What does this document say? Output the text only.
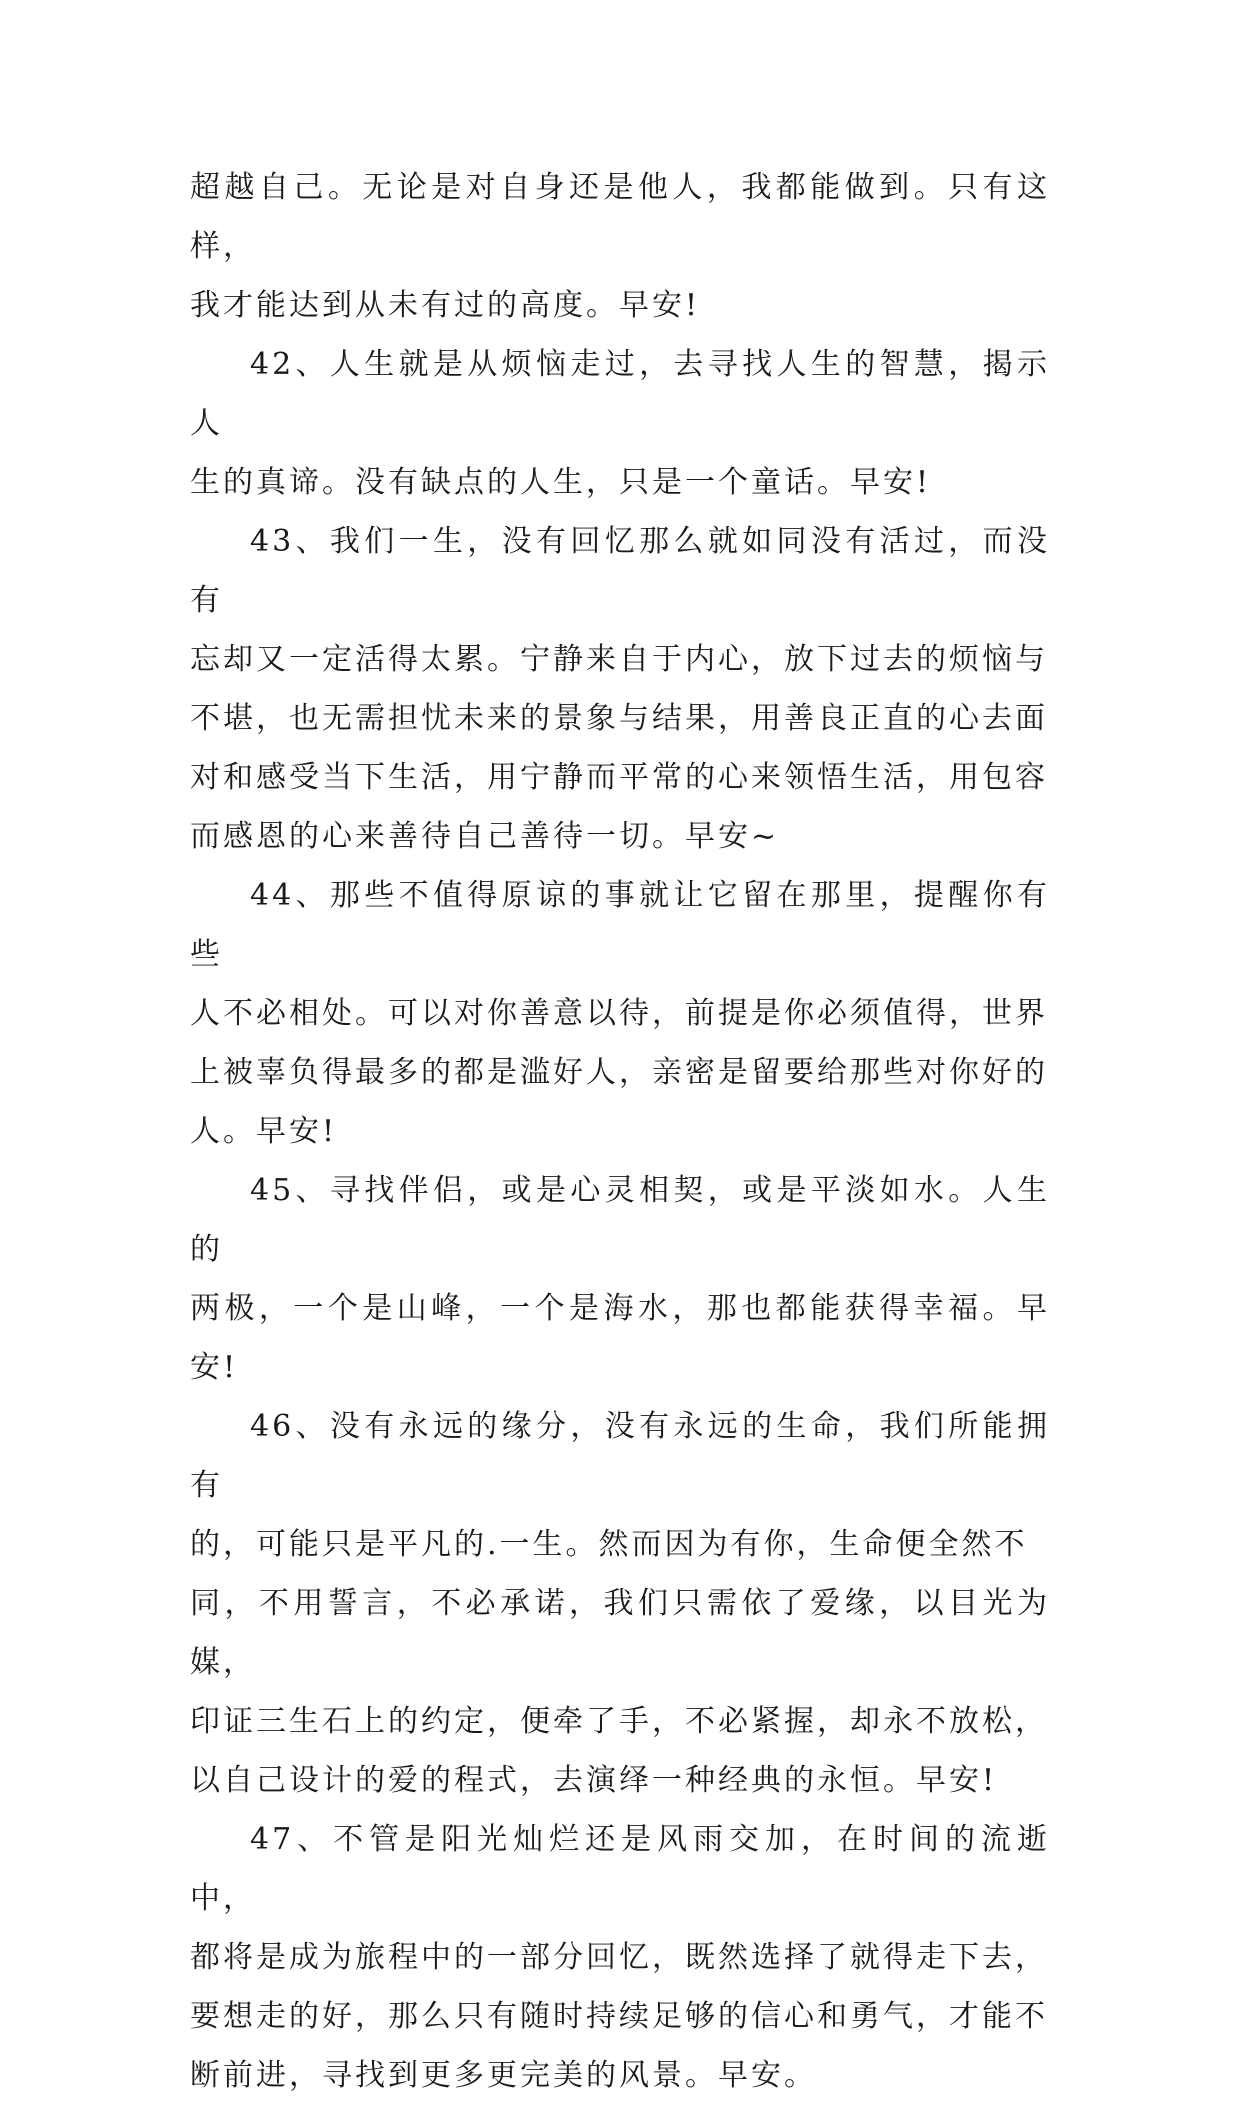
超越自己。无论是对自身还是他人，我都能做到。只有这样，
我才能达到从未有过的高度。早安!

42、人生就是从烦恼走过，去寻找人生的智慧，揭示人
生的真谛。没有缺点的人生，只是一个童话。早安!

43、我们一生，没有回忆那么就如同没有活过，而没有
忘却又一定活得太累。宁静来自于内心，放下过去的烦恼与
不堪，也无需担忧未来的景象与结果，用善良正直的心去面
对和感受当下生活，用宁静而平常的心来领悟生活，用包容
而感恩的心来善待自己善待一切。早安~

44、那些不值得原谅的事就让它留在那里，提醒你有些
人不必相处。可以对你善意以待，前提是你必须值得，世界
上被辜负得最多的都是滥好人，亲密是留要给那些对你好的
人。早安!

45、寻找伴侣，或是心灵相契，或是平淡如水。人生的
两极，一个是山峰，一个是海水，那也都能获得幸福。早安!

46、没有永远的缘分，没有永远的生命，我们所能拥有
的，可能只是平凡的.一生。然而因为有你，生命便全然不
同，不用誓言，不必承诺，我们只需依了爱缘，以目光为媒，
印证三生石上的约定，便牵了手，不必紧握，却永不放松，
以自己设计的爱的程式，去演绎一种经典的永恒。早安!

47、不管是阳光灿烂还是风雨交加，在时间的流逝中，
都将是成为旅程中的一部分回忆，既然选择了就得走下去，
要想走的好，那么只有随时持续足够的信心和勇气，才能不
断前进，寻找到更多更完美的风景。早安。
